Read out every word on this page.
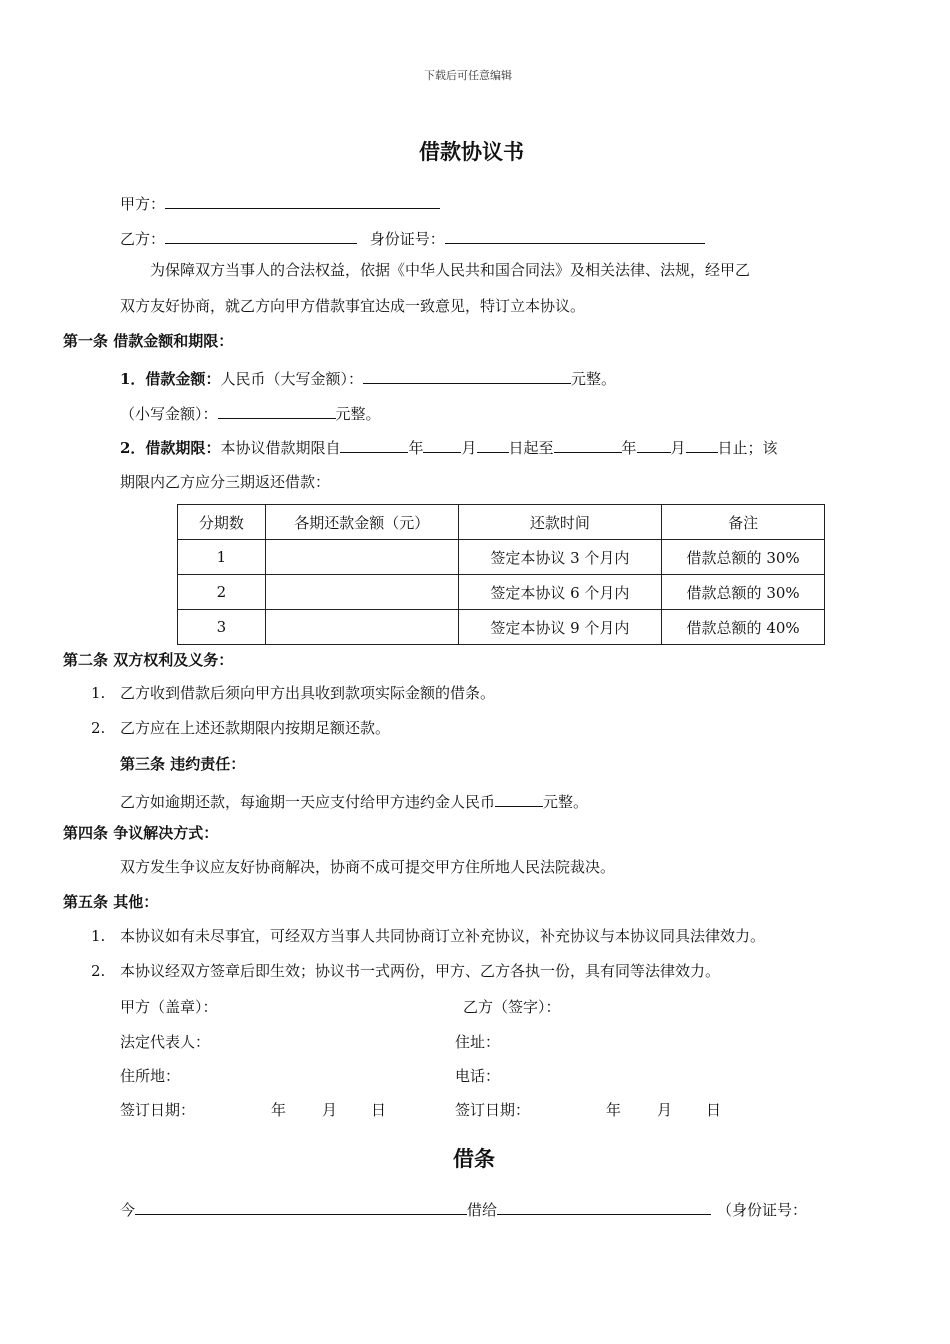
下载后可任意编辑
借款协议书
甲方：
乙方：	身份证号：
为保障双方当事人的合法权益，依据《中华人民共和国合同法》及相关法律、法规，经甲乙
双方友好协商，就乙方向甲方借款事宜达成一致意见，特订立本协议。
第一条 借款金额和期限：
1．借款金额：人民币（大写金额）：	元整。
（小写金额）：	元整。
2．借款期限：本协议借款期限自	年	月 日起至	年 月 日止；该
期限内乙方应分三期返还借款：
分期数	各期还款金额（元）	还款时间	备注
1		签定本协议 3 个月内	借款总额的 30%
2		签定本协议 6 个月内	借款总额的 30%
3		签定本协议 9 个月内	借款总额的 40%
第二条 双方权利及义务：
1. 乙方收到借款后须向甲方出具收到款项实际金额的借条。
2. 乙方应在上述还款期限内按期足额还款。
第三条 违约责任：
乙方如逾期还款，每逾期一天应支付给甲方违约金人民币	元整。
第四条 争议解决方式：
双方发生争议应友好协商解决，协商不成可提交甲方住所地人民法院裁决。
第五条 其他：
1. 本协议如有未尽事宜，可经双方当事人共同协商订立补充协议，补充协议与本协议同具法律效力。
2. 本协议经双方签章后即生效；协议书一式两份，甲方、乙方各执一份，具有同等法律效力。
甲方（盖章）：	乙方（签字）：
法定代表人：	住址：
住所地：	电话：
签订日期：	年 月 日	签订日期：	年 月 日
借条
今	借给	（身份证号：
